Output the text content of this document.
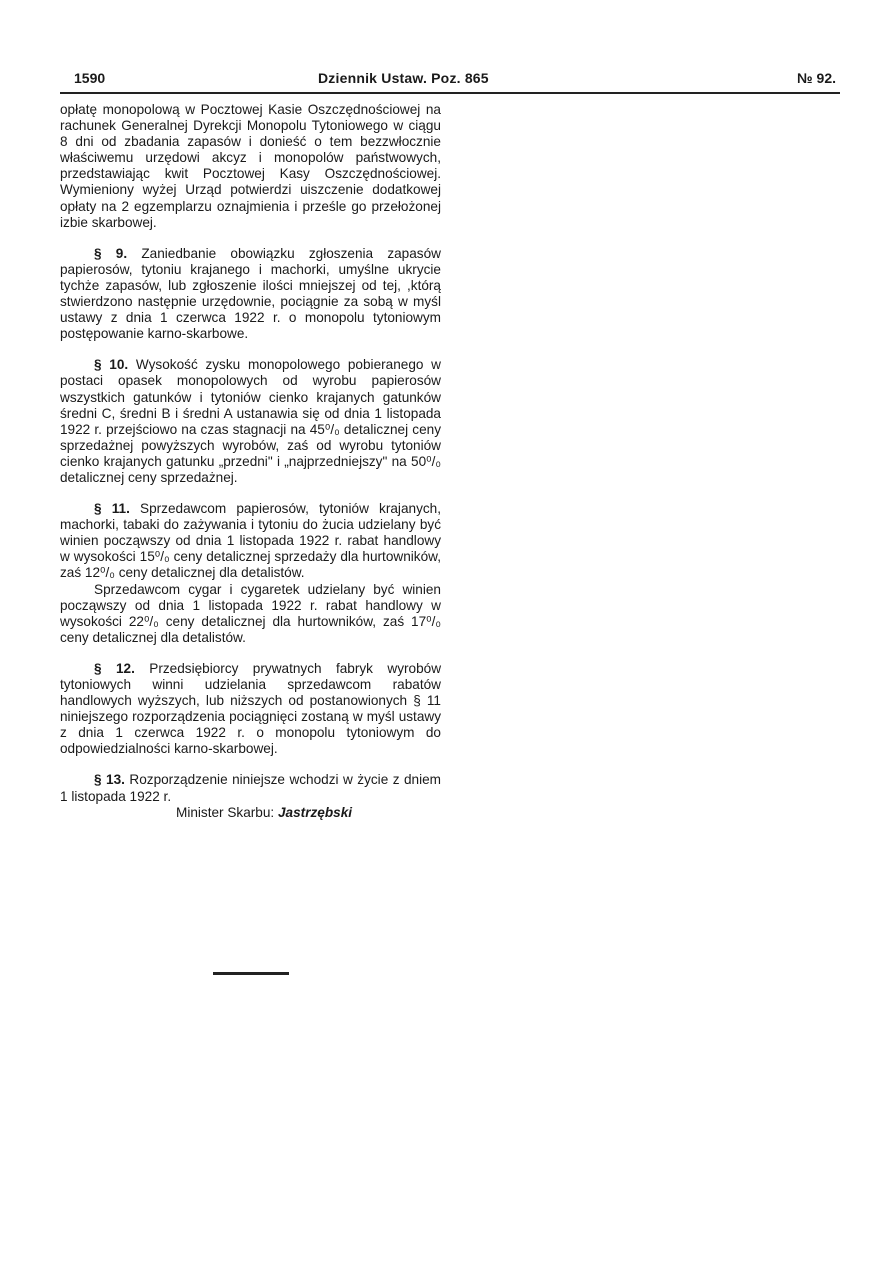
1590	Dziennik Ustaw. Poz. 865	№ 92.

opłatę monopolową w Pocztowej Kasie Oszczędnościowej na rachunek Generalnej Dyrekcji Monopolu Tytoniowego w ciągu 8 dni od zbadania zapasów i donieść o tem bezzwłocznie właściwemu urzędowi akcyz i monopolów państwowych, przedstawiając kwit Pocztowej Kasy Oszczędnościowej. Wymieniony wyżej Urząd potwierdzi uiszczenie dodatkowej opłaty na 2 egzemplarzu oznajmienia i prześle go przełożonej izbie skarbowej.

§ 9. Zaniedbanie obowiązku zgłoszenia zapasów papierosów, tytoniu krajanego i machorki, umyślne ukrycie tychże zapasów, lub zgłoszenie ilości mniejszej od tej, ,którą stwierdzono następnie urzędownie, pociągnie za sobą w myśl ustawy z dnia 1 czerwca 1922 r. o monopolu tytoniowym postępowanie karno-skarbowe.

§ 10. Wysokość zysku monopolowego pobieranego w postaci opasek monopolowych od wyrobu papierosów wszystkich gatunków i tytoniów cienko krajanych gatunków średni C, średni B i średni A ustanawia się od dnia 1 listopada 1922 r. przejściowo na czas stagnacji na 45⁰/₀ detalicznej ceny sprzedażnej powyższych wyrobów, zaś od wyrobu tytoniów cienko krajanych gatunku „przedni" i „najprzedniejszy" na 50⁰/₀ detalicznej ceny sprzedażnej.

§ 11. Sprzedawcom papierosów, tytoniów krajanych, machorki, tabaki do zażywania i tytoniu do żucia udzielany być winien począwszy od dnia 1 listopada 1922 r. rabat handlowy w wysokości 15⁰/₀ ceny detalicznej sprzedaży dla hurtowników, zaś 12⁰/₀ ceny detalicznej dla detalistów.

Sprzedawcom cygar i cygaretek udzielany być winien począwszy od dnia 1 listopada 1922 r. rabat handlowy w wysokości 22⁰/₀ ceny detalicznej dla hurtowników, zaś 17⁰/₀ ceny detalicznej dla detalistów.

§ 12. Przedsiębiorcy prywatnych fabryk wyrobów tytoniowych winni udzielania sprzedawcom rabatów handlowych wyższych, lub niższych od postanowionych § 11 niniejszego rozporządzenia pociągnięci zostaną w myśl ustawy z dnia 1 czerwca 1922 r. o monopolu tytoniowym do odpowiedzialności karno-skarbowej.

§ 13. Rozporządzenie niniejsze wchodzi w życie z dniem 1 listopada 1922 r.

Minister Skarbu: Jastrzębski
